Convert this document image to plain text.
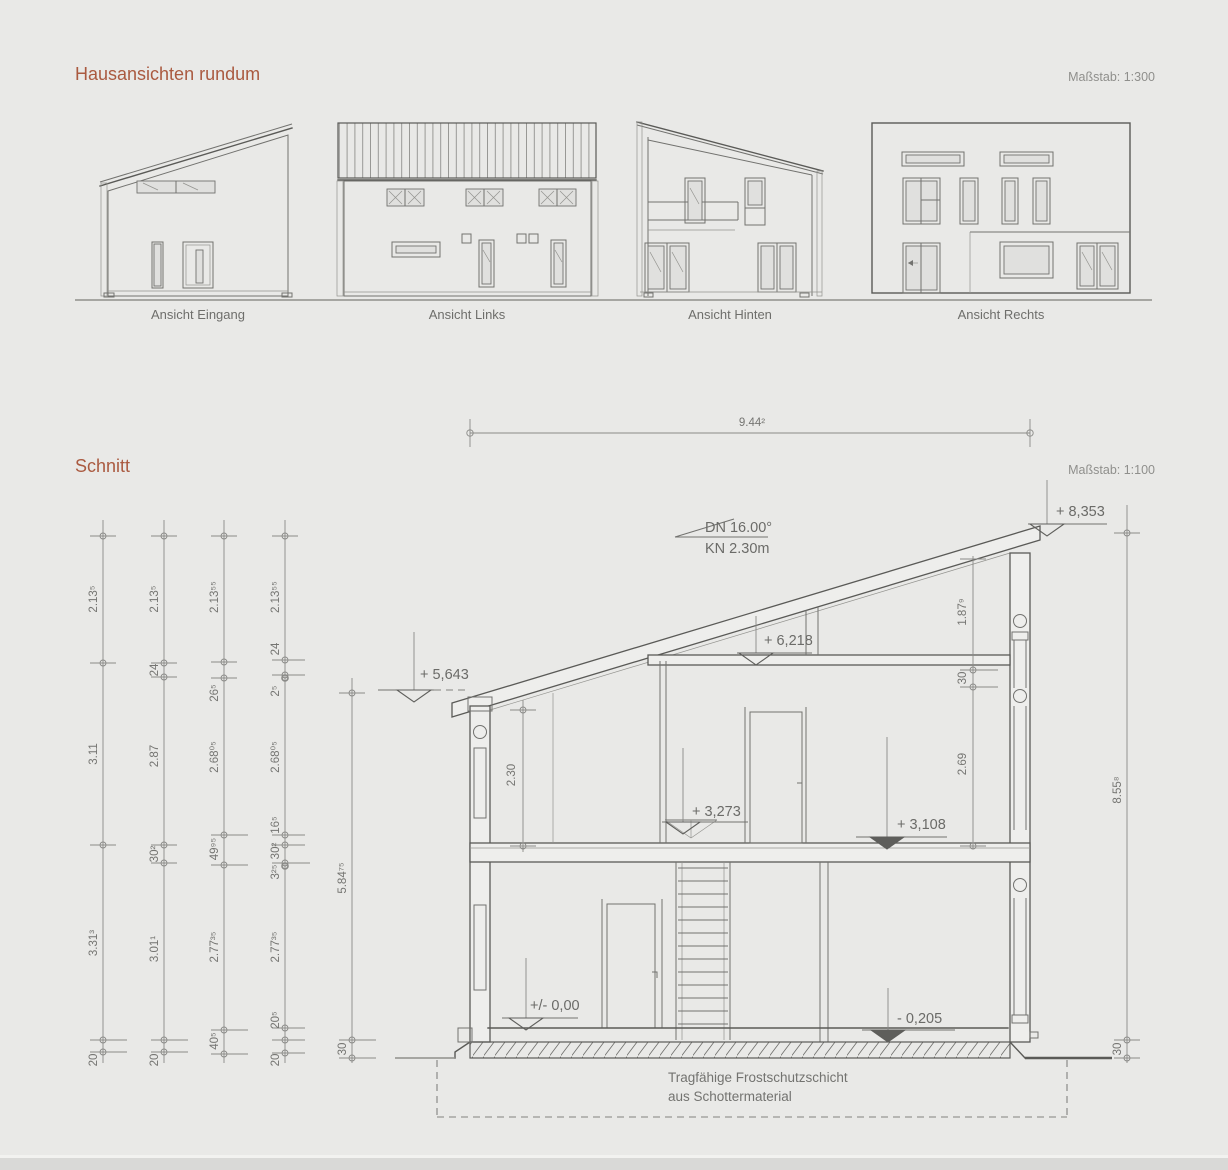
Hausansichten rundum	Maßstab: 1:300
Schnitt	Maßstab: 1:100
Ansicht Eingang	Ansicht Links	Ansicht Hinten	Ansicht Rechts
9.44²
DN 16.00°
KN 2.30m
Tragfähige Frostschutzschicht
aus Schottermaterial
+ 8,353
+ 6,218
+ 5,643
+ 3,273
+ 3,108
+/- 0,00
- 0,205
2.13⁵
3.11
3.31³
20
2.13⁵
24
2.87
30²
3.01¹
20
2.13⁵⁵
26⁵
2.68⁰⁵
49⁹⁵
2.77³⁵
40⁵
2.13⁵⁵
24
2⁵
2.68⁰⁵
16⁵
30²
3²⁵
2.77³⁵
20⁵
20
5.84⁷⁵
30
8.55⁸
30
2.30
1.87⁹
30
2.69
